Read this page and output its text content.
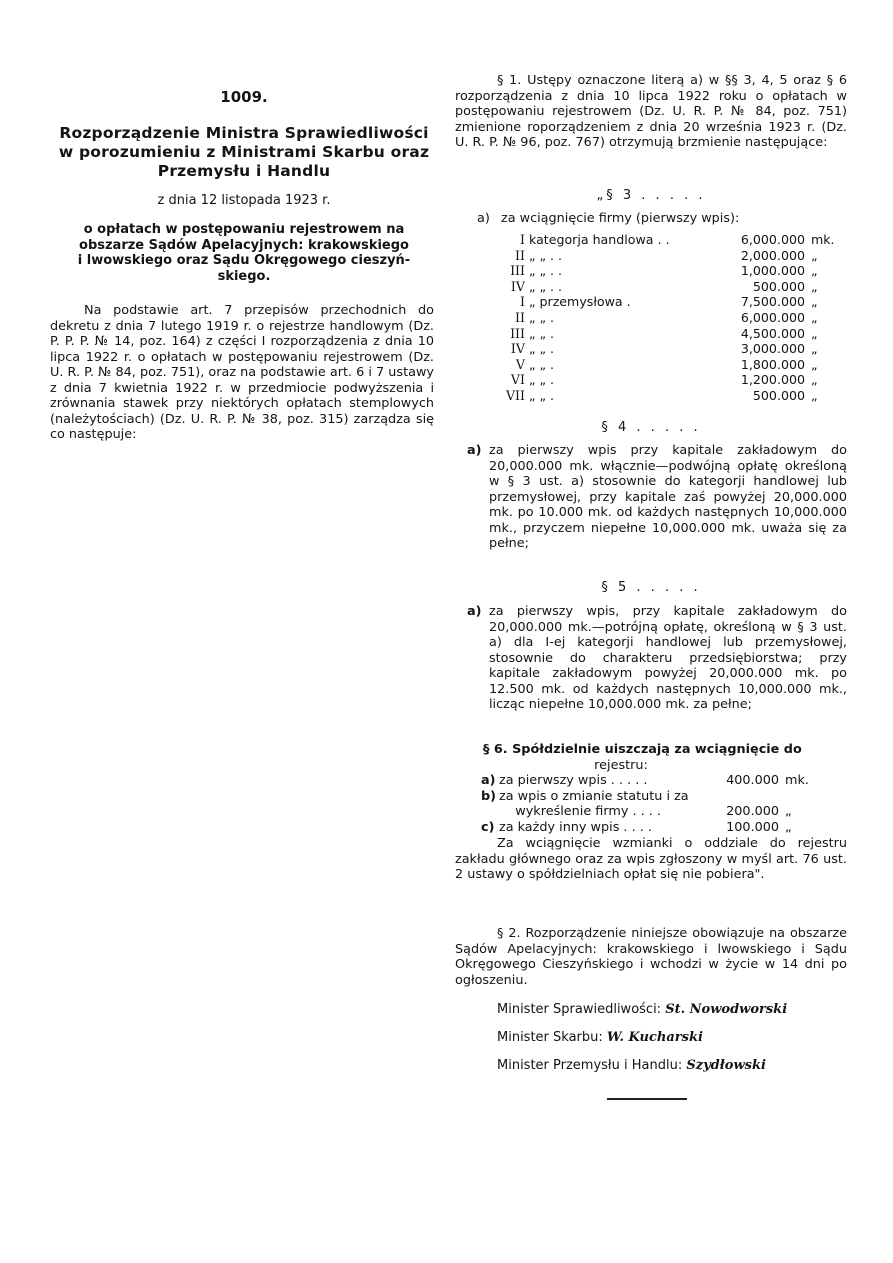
1009.
Rozporządzenie Ministra Sprawiedliwości
w porozumieniu z Ministrami Skarbu oraz
Przemysłu i Handlu
z dnia 12 listopada 1923 r.
o opłatach w postępowaniu rejestrowem na
obszarze Sądów Apelacyjnych: krakowskiego
i lwowskiego oraz Sądu Okręgowego cieszyń-
skiego.

Na podstawie art. 7 przepisów przechodnich do dekretu z dnia 7 lutego 1919 r. o rejestrze handlowym (Dz. P. P. P. № 14, poz. 164) z części I rozporządzenia z dnia 10 lipca 1922 r. o opłatach w postępowaniu rejestrowem (Dz. U. R. P. № 84, poz. 751), oraz na podstawie art. 6 i 7 ustawy z dnia 7 kwietnia 1922 r. w przedmiocie podwyższenia i zrównania stawek przy niektórych opłatach stemplowych (należytościach) (Dz. U. R. P. № 38, poz. 315) zarządza się co następuje:

§ 1. Ustępy oznaczone literą a) w §§ 3, 4, 5 oraz § 6 rozporządzenia z dnia 10 lipca 1922 roku o opłatach w postępowaniu rejestrowem (Dz. U. R. P. № 84, poz. 751) zmienione roporządzeniem z dnia 20 września 1923 r. (Dz. U. R. P. № 96, poz. 767) otrzymują brzmienie następujące:

„§ 3 . . . . .
a) za wciągnięcie firmy (pierwszy wpis):
I kategorja handlowa . .	6,000.000 mk.
II „ „ . .	2,000.000 „
III „ „ . .	1,000.000 „
IV „ „ . .	500.000 „
I „ przemysłowa .	7,500.000 „
II „ „ .	6,000.000 „
III „ „ .	4,500.000 „
IV „ „ .	3,000.000 „
V „ „ .	1,800.000 „
VI „ „ .	1,200.000 „
VII „ „ .	500.000 „
§ 4 . . . . .
a) za pierwszy wpis przy kapitale zakładowym do 20,000.000 mk. włącznie—podwójną opłatę określoną w § 3 ust. a) stosownie do kategorji handlowej lub przemysłowej, przy kapitale zaś powyżej 20,000.000 mk. po 10.000 mk. od każdych następnych 10,000.000 mk., przyczem niepełne 10,000.000 mk. uważa się za pełne;
§ 5 . . . . .
a) za pierwszy wpis, przy kapitale zakładowym do 20,000.000 mk.—potrójną opłatę, określoną w § 3 ust. a) dla I-ej kategorji handlowej lub przemysłowej, stosownie do charakteru przedsiębiorstwa; przy kapitale zakładowym powyżej 20,000.000 mk. po 12.500 mk. od każdych następnych 10,000.000 mk., licząc niepełne 10,000.000 mk. za pełne;
§ 6. Spółdzielnie uiszczają za wciągnięcie do
rejestru:
a) za pierwszy wpis . . . . .	400.000 mk.
b) za wpis o zmianie statutu i za
wykreślenie firmy . . . .	200.000 „
c) za każdy inny wpis . . . .	100.000 „

Za wciągnięcie wzmianki o oddziale do rejestru zakładu głównego oraz za wpis zgłoszony w myśl art. 76 ust. 2 ustawy o spółdzielniach opłat się nie pobiera".

§ 2. Rozporządzenie niniejsze obowiązuje na obszarze Sądów Apelacyjnych: krakowskiego i lwowskiego i Sądu Okręgowego Cieszyńskiego i wchodzi w życie w 14 dni po ogłoszeniu.

Minister Sprawiedliwości: St. Nowodworski
Minister Skarbu: W. Kucharski
Minister Przemysłu i Handlu: Szydłowski
